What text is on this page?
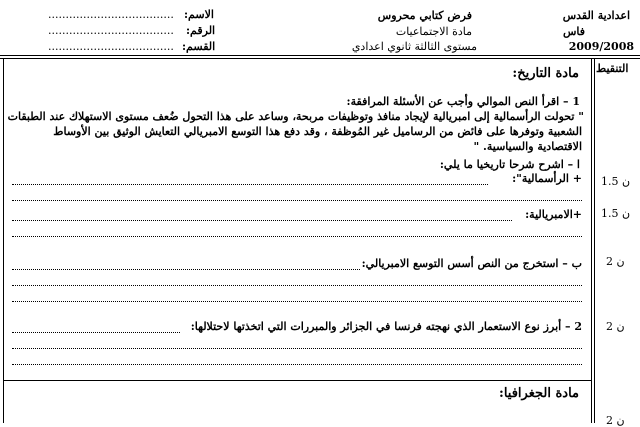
اعدادية القدس
فاس
2009/2008
فرض كتابي محروس
مادة الاجتماعيات
مستوى الثالثة ثانوي اعدادي
الاسم:
....................................
الرقم:
....................................
القسم:
....................................
التنقيط
مادة التاريخ:
1 – اقرأ النص الموالي وأجب عن الأسئلة المرافقة:
" تحولت الرأسمالية إلى امبريالية لإيجاد منافذ وتوظيفات مربحة، وساعد على هذا التحول ضُعف مستوى الاستهلاك عند الطبقات
الشعبية وتوفرها على فائض من الرساميل غير المُوظفة ، وقد دفع هذا التوسع الامبريالي التعايش الوثيق بين الأوساط
الاقتصادية والسياسية. "
ا – اشرح شرحا تاريخيا ما يلي:
+ الرأسمالية":
+الامبريالية:
ب – استخرج من النص أسس التوسع الامبريالي:
2 – أبرز نوع الاستعمار الذي نهجته فرنسا في الجزائر والمبررات التي اتخذتها لاحتلالها:
1.5 ن
1.5 ن
2 ن
2 ن
مادة الجغرافيا:
2 ن
